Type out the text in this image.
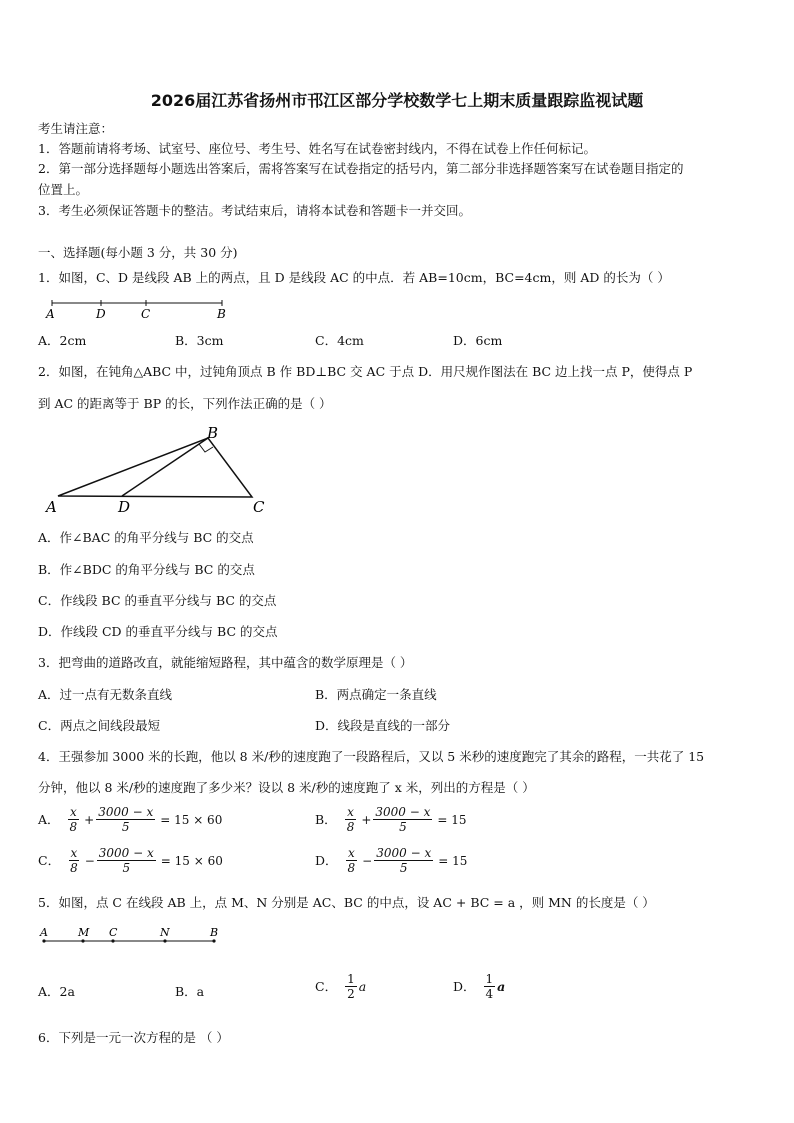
2026届江苏省扬州市邗江区部分学校数学七上期末质量跟踪监视试题
考生请注意：
1．答题前请将考场、试室号、座位号、考生号、姓名写在试卷密封线内，不得在试卷上作任何标记。
2．第一部分选择题每小题选出答案后，需将答案写在试卷指定的括号内，第二部分非选择题答案写在试卷题目指定的
位置上。
3．考生必须保证答题卡的整洁。考试结束后，请将本试卷和答题卡一并交回。
一、选择题(每小题 3 分，共 30 分)
1．如图，C、D 是线段 AB 上的两点，且 D 是线段 AC 的中点．若 AB=10cm，BC=4cm，则 AD 的长为（ ）
A	D	C	B
A．2cm	B．3cm	C．4cm	D．6cm
2．如图，在钝角△ABC 中，过钝角顶点 B 作 BD⊥BC 交 AC 于点 D．用尺规作图法在 BC 边上找一点 P，使得点 P
到 AC 的距离等于 BP 的长，下列作法正确的是（ ）
A
B
C
D
A．作∠BAC 的角平分线与 BC 的交点
B．作∠BDC 的角平分线与 BC 的交点
C．作线段 BC 的垂直平分线与 BC 的交点
D．作线段 CD 的垂直平分线与 BC 的交点
3．把弯曲的道路改直，就能缩短路程，其中蕴含的数学原理是（ ）
A．过一点有无数条直线	B．两点确定一条直线
C．两点之间线段最短	D．线段是直线的一部分
4．王强参加 3000 米的长跑，他以 8 米/秒的速度跑了一段路程后，又以 5 米秒的速度跑完了其余的路程，一共花了 15
分钟，他以 8 米/秒的速度跑了多少米？设以 8 米/秒的速度跑了 x 米，列出的方程是（ ）
A． $\frac{x}{8} + \frac{3000 - x}{5} = 15 \times 60$	B． $\frac{x}{8} + \frac{3000 - x}{5} = 15$
C． $\frac{x}{8} - \frac{3000 - x}{5} = 15 \times 60$	D． $\frac{x}{8} - \frac{3000 - x}{5} = 15$
5．如图，点 C 在线段 AB 上，点 M、N 分别是 AC、BC 的中点，设 AC + BC = a ，则 MN 的长度是（ ）
A	M C	N	B
A．2a	B．a	C． $\frac{1}{2}$ a	D． $\frac{1}{4}$ a
6．下列是一元一次方程的是 （ ）
